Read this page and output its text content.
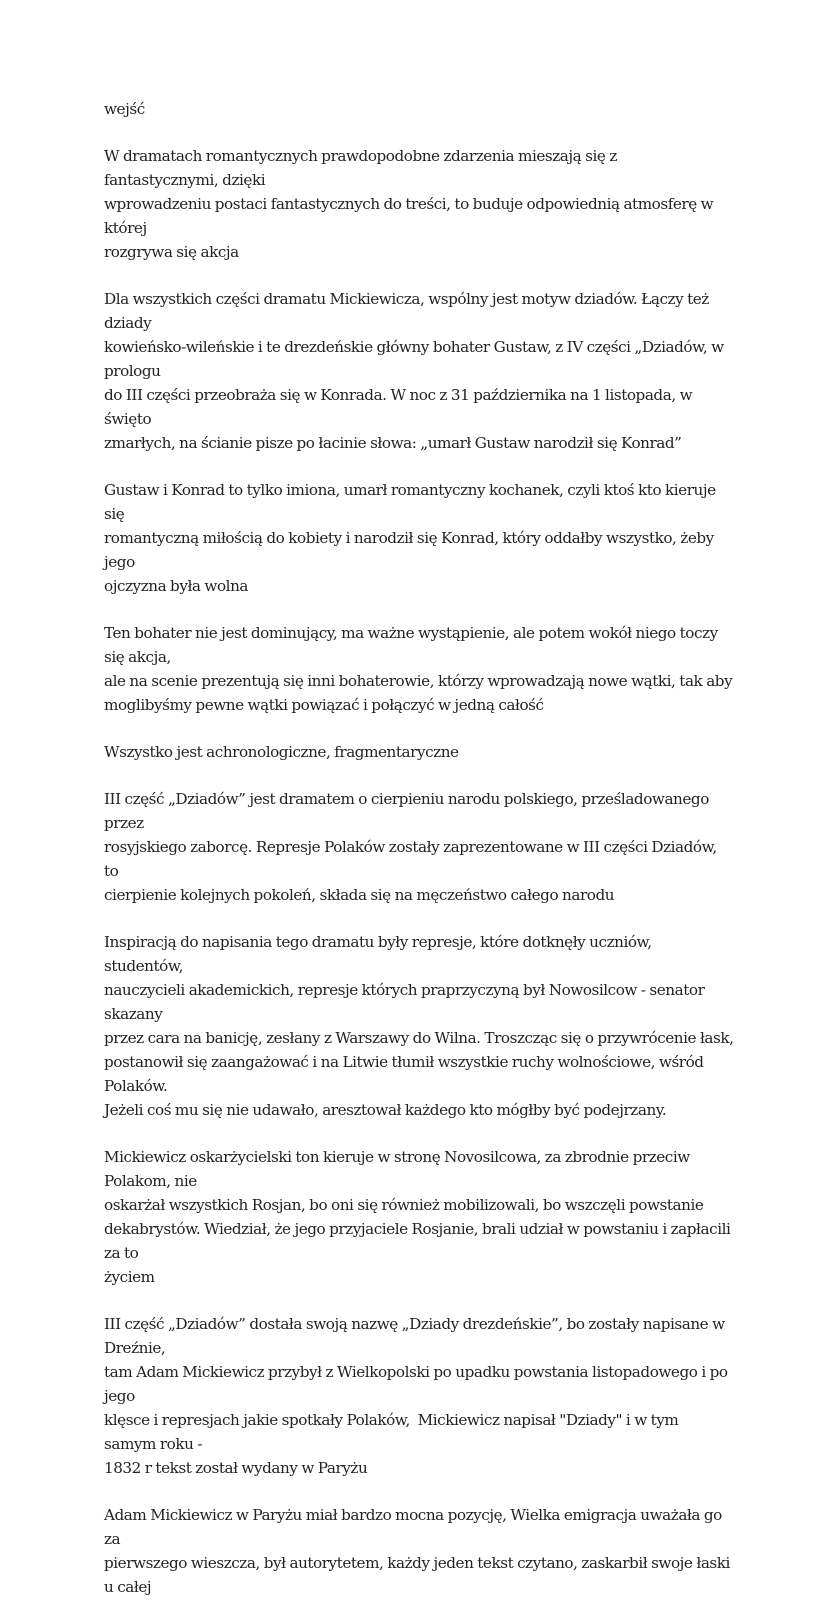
wejść

W dramatach romantycznych prawdopodobne zdarzenia mieszają się z fantastycznymi, dzięki
wprowadzeniu postaci fantastycznych do treści, to buduje odpowiednią atmosferę w której
rozgrywa się akcja

Dla wszystkich części dramatu Mickiewicza, wspólny jest motyw dziadów. Łączy też dziady
kowieńsko-wileńskie i te drezdeńskie główny bohater Gustaw, z IV części „Dziadów, w prologu
do III części przeobraża się w Konrada. W noc z 31 października na 1 listopada, w święto
zmarłych, na ścianie pisze po łacinie słowa: „umarł Gustaw narodził się Konrad”

Gustaw i Konrad to tylko imiona, umarł romantyczny kochanek, czyli ktoś kto kieruje się
romantyczną miłością do kobiety i narodził się Konrad, który oddałby wszystko, żeby jego
ojczyzna była wolna

Ten bohater nie jest dominujący, ma ważne wystąpienie, ale potem wokół niego toczy się akcja,
ale na scenie prezentują się inni bohaterowie, którzy wprowadzają nowe wątki, tak aby
moglibyśmy pewne wątki powiązać i połączyć w jedną całość

Wszystko jest achronologiczne, fragmentaryczne

III część „Dziadów” jest dramatem o cierpieniu narodu polskiego, prześladowanego  przez
rosyjskiego zaborcę. Represje Polaków zostały zaprezentowane w III części Dziadów, to
cierpienie kolejnych pokoleń, składa się na męczeństwo całego narodu

Inspiracją do napisania tego dramatu były represje, które dotknęły uczniów, studentów,
nauczycieli akademickich, represje których praprzyczyną był Nowosilcow - senator skazany
przez cara na banicję, zesłany z Warszawy do Wilna. Troszcząc się o przywrócenie łask,
postanowił się zaangażować i na Litwie tłumił wszystkie ruchy wolnościowe, wśród Polaków.
Jeżeli coś mu się nie udawało, aresztował każdego kto mógłby być podejrzany.

Mickiewicz oskarżycielski ton kieruje w stronę Novosilcowa, za zbrodnie przeciw Polakom, nie
oskarżał wszystkich Rosjan, bo oni się również mobilizowali, bo wszczęli powstanie
dekabrystów. Wiedział, że jego przyjaciele Rosjanie, brali udział w powstaniu i zapłacili za to
życiem

III część „Dziadów” dostała swoją nazwę „Dziady drezdeńskie”, bo zostały napisane w Dreźnie,
tam Adam Mickiewicz przybył z Wielkopolski po upadku powstania listopadowego i po jego
klęsce i represjach jakie spotkały Polaków,  Mickiewicz napisał "Dziady" i w tym samym roku -
1832 r tekst został wydany w Paryżu

Adam Mickiewicz w Paryżu miał bardzo mocna pozycję, Wielka emigracja uważała go za
pierwszego wieszcza, był autorytetem, każdy jeden tekst czytano, zaskarbił swoje łaski u całej
